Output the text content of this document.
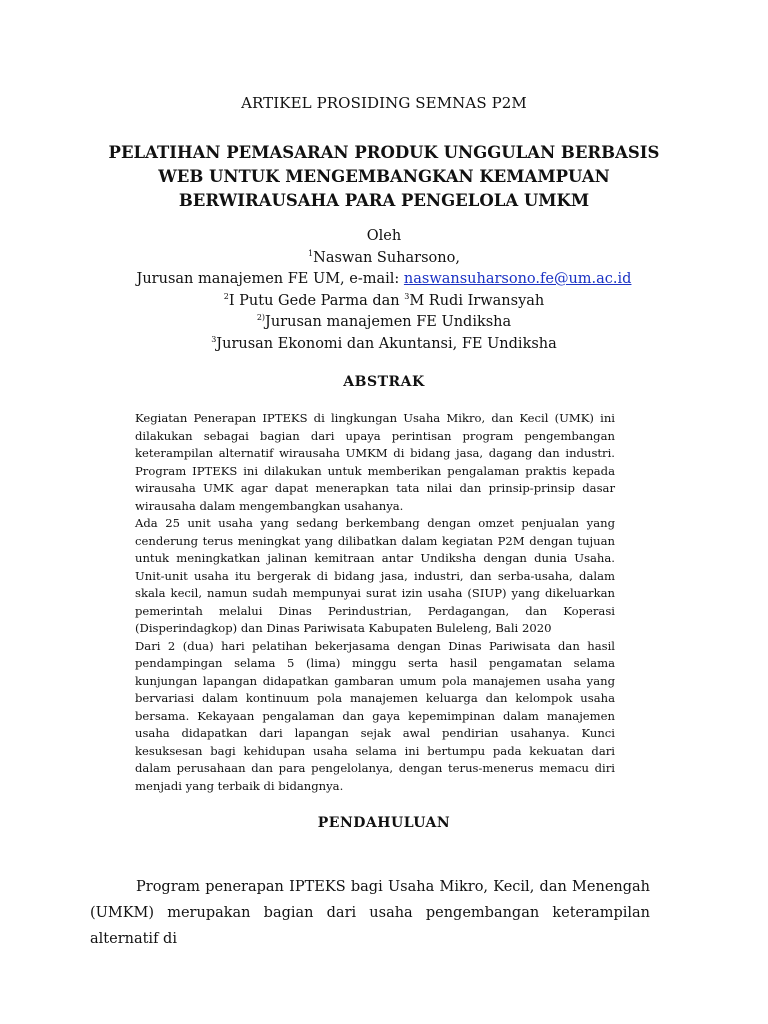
ARTIKEL PROSIDING SEMNAS P2M
PELATIHAN PEMASARAN PRODUK UNGGULAN BERBASIS
WEB UNTUK MENGEMBANGKAN KEMAMPUAN
BERWIRAUSAHA PARA PENGELOLA UMKM
Oleh
$^1$Naswan Suharsono,
Jurusan manajemen FE UM, e-mail: naswansuharsono.fe@um.ac.id
$^2$I Putu Gede Parma dan $^3$M Rudi Irwansyah
$^{2)}$Jurusan manajemen FE Undiksha
$^3$Jurusan Ekonomi dan Akuntansi, FE Undiksha
ABSTRAK

Kegiatan Penerapan IPTEKS di lingkungan Usaha Mikro, dan Kecil (UMK) ini dilakukan sebagai bagian dari upaya perintisan program pengembangan keterampilan alternatif wirausaha UMKM di bidang jasa, dagang dan industri. Program IPTEKS ini dilakukan untuk memberikan pengalaman praktis kepada wirausaha UMK agar dapat menerapkan tata nilai dan prinsip-prinsip dasar wirausaha dalam mengembangkan usahanya.

Ada 25 unit usaha yang sedang berkembang dengan omzet penjualan yang cenderung terus meningkat yang dilibatkan dalam kegiatan P2M dengan tujuan untuk meningkatkan jalinan kemitraan antar Undiksha dengan dunia Usaha. Unit-unit usaha itu bergerak di bidang jasa, industri, dan serba-usaha, dalam skala kecil, namun sudah mempunyai surat izin usaha (SIUP) yang dikeluarkan pemerintah melalui Dinas Perindustrian, Perdagangan, dan Koperasi (Disperindagkop) dan Dinas Pariwisata Kabupaten Buleleng, Bali 2020

Dari 2 (dua) hari pelatihan bekerjasama dengan Dinas Pariwisata dan hasil pendampingan selama 5 (lima) minggu serta hasil pengamatan selama kunjungan lapangan didapatkan gambaran umum pola manajemen usaha yang bervariasi dalam kontinuum pola manajemen keluarga dan kelompok usaha bersama. Kekayaan pengalaman dan gaya kepemimpinan dalam manajemen usaha didapatkan dari lapangan sejak awal pendirian usahanya. Kunci kesuksesan bagi kehidupan usaha selama ini bertumpu pada kekuatan dari dalam perusahaan dan para pengelolanya, dengan terus-menerus memacu diri menjadi yang terbaik di bidangnya.

PENDAHULUAN

Program penerapan IPTEKS bagi Usaha Mikro, Kecil, dan Menengah (UMKM) merupakan bagian dari usaha pengembangan keterampilan alternatif di
